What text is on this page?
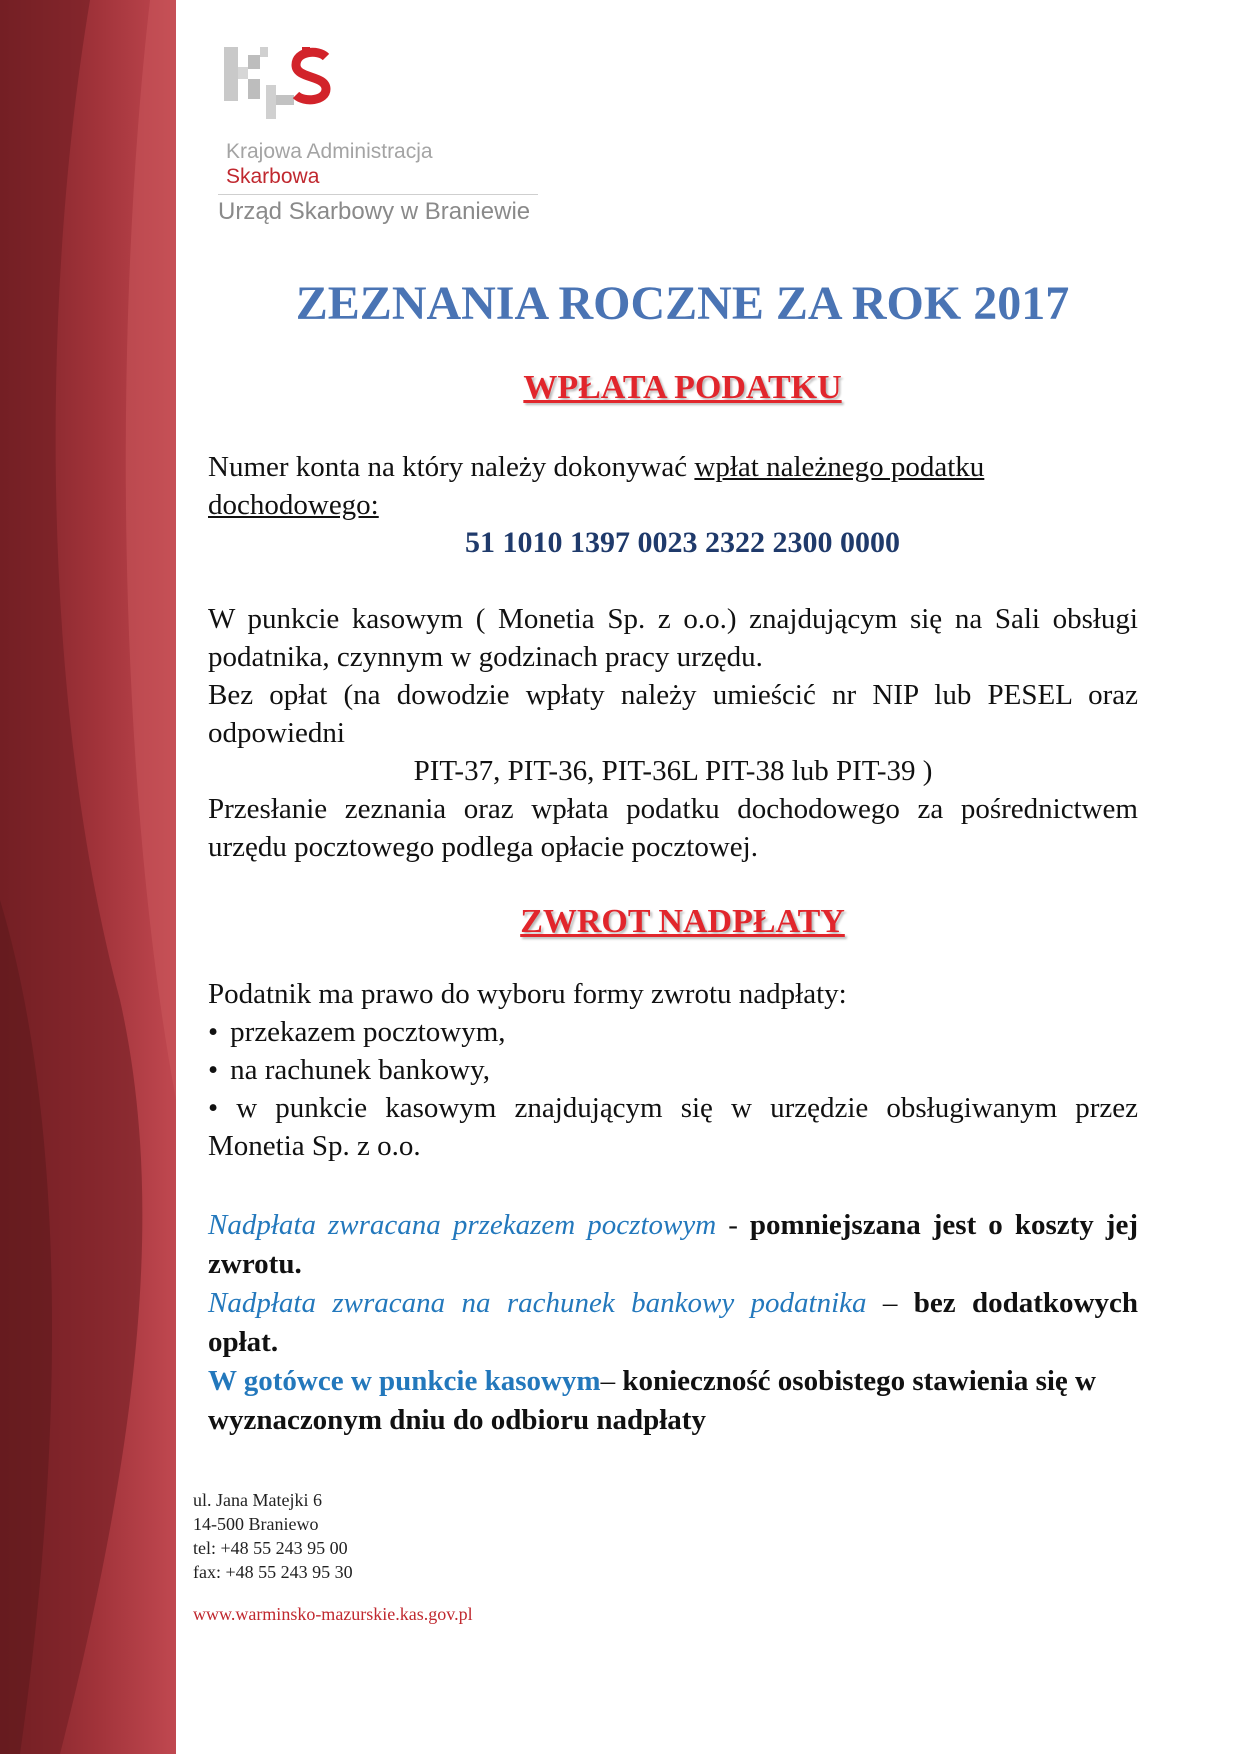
Krajowa Administracja
Skarbowa
Urząd Skarbowy w Braniewie
ZEZNANIA ROCZNE ZA ROK 2017
WPŁATA PODATKU
Numer konta na który należy dokonywać wpłat należnego podatku
dochodowego:
51 1010 1397 0023 2322 2300 0000
W punkcie kasowym ( Monetia Sp. z o.o.) znajdującym się na Sali obsługi podatnika, czynnym w godzinach pracy urzędu.
Bez opłat (na dowodzie wpłaty należy umieścić nr NIP lub PESEL oraz odpowiedni
PIT-37, PIT-36, PIT-36L PIT-38 lub PIT-39 )
Przesłanie zeznania oraz wpłata podatku dochodowego za pośrednictwem urzędu pocztowego podlega opłacie pocztowej.
ZWROT NADPŁATY
Podatnik ma prawo do wyboru formy zwrotu nadpłaty:
• przekazem pocztowym,
• na rachunek bankowy,
• w punkcie kasowym znajdującym się w urzędzie obsługiwanym przez Monetia Sp. z o.o.
Nadpłata zwracana przekazem pocztowym - pomniejszana jest o koszty jej zwrotu.
Nadpłata zwracana na rachunek bankowy podatnika – bez dodatkowych opłat.
W gotówce w punkcie kasowym– konieczność osobistego stawienia się w wyznaczonym dniu do odbioru nadpłaty
ul. Jana Matejki 6
14-500 Braniewo
tel: +48 55 243 95 00
fax: +48 55 243 95 30
www.warminsko-mazurskie.kas.gov.pl
